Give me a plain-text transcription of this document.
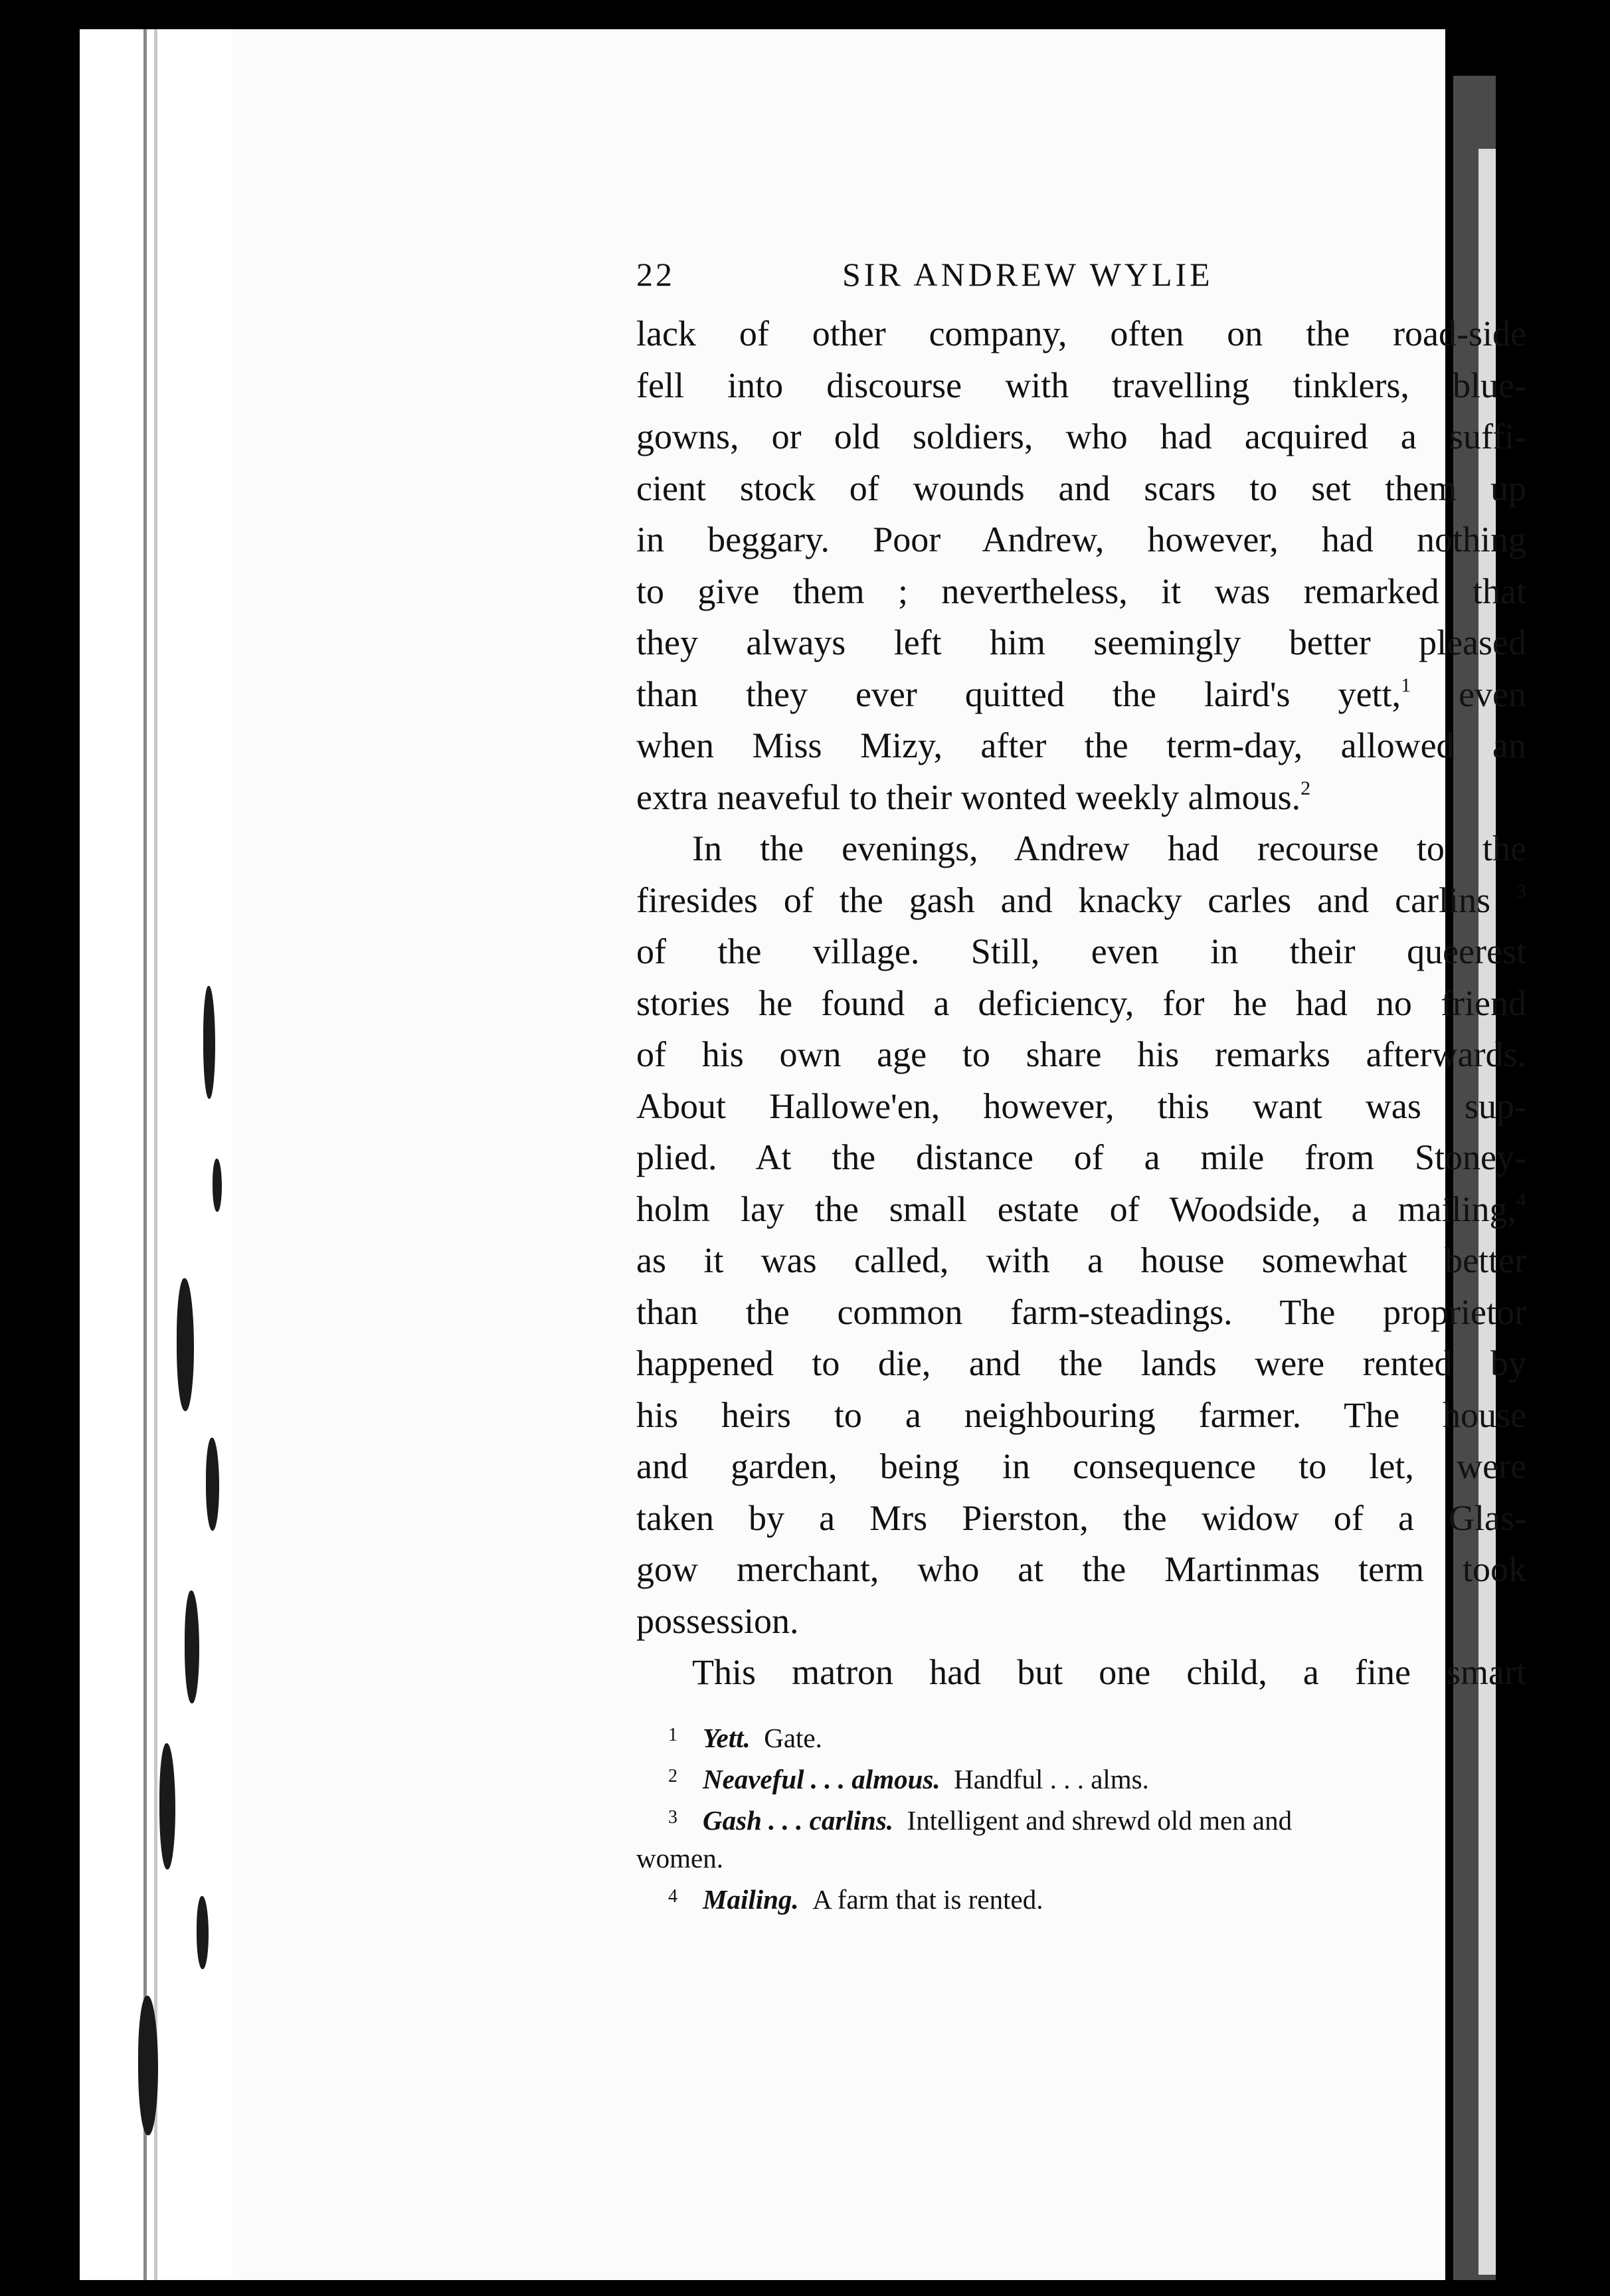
22	SIR ANDREW WYLIE
lack of other company, often on the road-side
fell into discourse with travelling tinklers, blue-
gowns, or old soldiers, who had acquired a suffi-
cient stock of wounds and scars to set them up
in beggary. Poor Andrew, however, had nothing
to give them ; nevertheless, it was remarked that
they always left him seemingly better pleased
than they ever quitted the laird's yett,$^1$ even
when Miss Mizy, after the term-day, allowed an
extra neaveful to their wonted weekly almous.$^2$
In the evenings, Andrew had recourse to the
firesides of the gash and knacky carles and carlins $^3$
of the village. Still, even in their queerest
stories he found a deficiency, for he had no friend
of his own age to share his remarks afterwards.
About Hallowe'en, however, this want was sup-
plied. At the distance of a mile from Stoney-
holm lay the small estate of Woodside, a mailing,$^4$
as it was called, with a house somewhat better
than the common farm-steadings. The proprietor
happened to die, and the lands were rented by
his heirs to a neighbouring farmer. The house
and garden, being in consequence to let, were
taken by a Mrs Pierston, the widow of a Glas-
gow merchant, who at the Martinmas term took
possession.
This matron had but one child, a fine smart
1 Yett. Gate.
2 Neaveful . . . almous. Handful . . . alms.
3 Gash . . . carlins. Intelligent and shrewd old men and
women.
4 Mailing. A farm that is rented.
